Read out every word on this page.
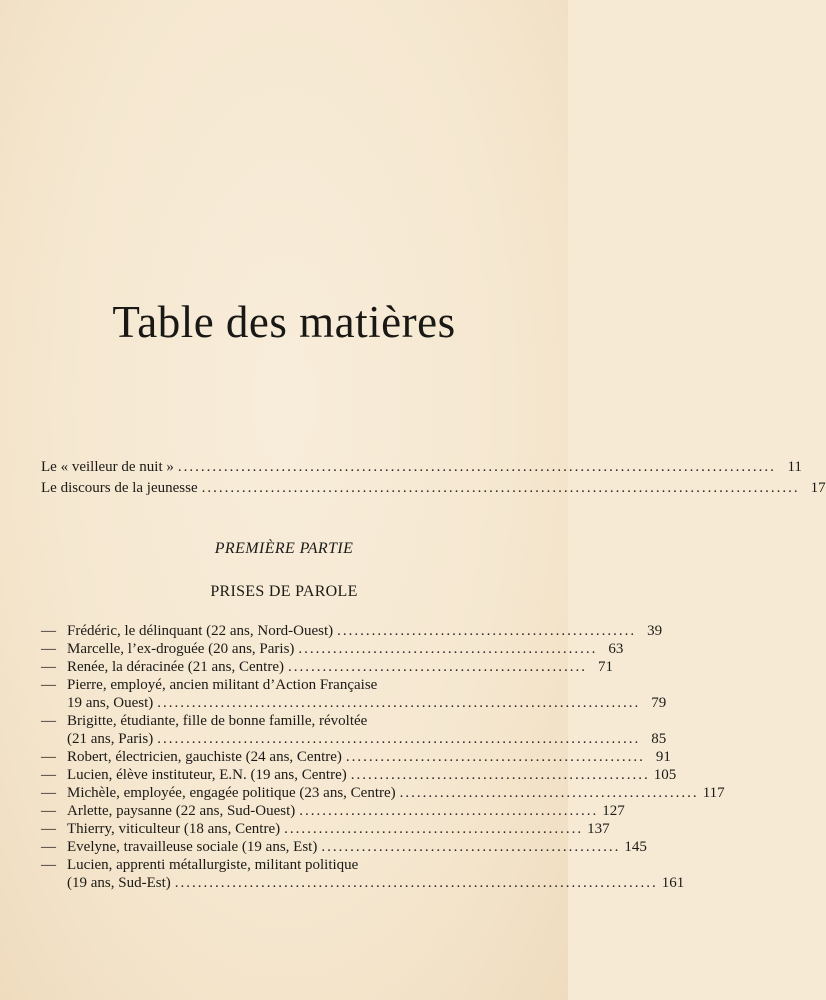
Table des matières
Le « veilleur de nuit » ........................................................................................................ 11
Le discours de la jeunesse ........................................................................................................ 17
PREMIÈRE PARTIE
PRISES DE PAROLE
— Frédéric, le délinquant (22 ans, Nord-Ouest) .................................................... 39
— Marcelle, l’ex-droguée (20 ans, Paris) .................................................... 63
— Renée, la déracinée (21 ans, Centre) .................................................... 71
— Pierre, employé, ancien militant d’Action Française
19 ans, Ouest) .................................................................................... 79
— Brigitte, étudiante, fille de bonne famille, révoltée
(21 ans, Paris) .................................................................................... 85
— Robert, électricien, gauchiste (24 ans, Centre) .................................................... 91
— Lucien, élève instituteur, E.N. (19 ans, Centre) .................................................... 105
— Michèle, employée, engagée politique (23 ans, Centre) .................................................... 117
— Arlette, paysanne (22 ans, Sud-Ouest) .................................................... 127
— Thierry, viticulteur (18 ans, Centre) .................................................... 137
— Evelyne, travailleuse sociale (19 ans, Est) .................................................... 145
— Lucien, apprenti métallurgiste, militant politique
(19 ans, Sud-Est) .................................................................................... 161
